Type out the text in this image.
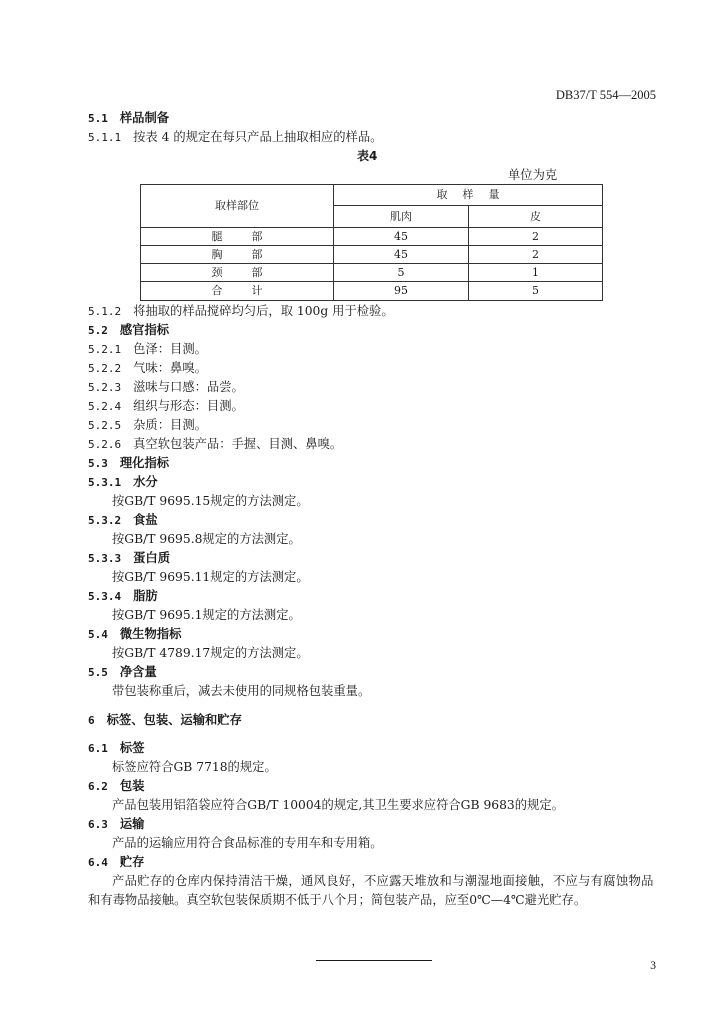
DB37/T 554—2005
5.1 样品制备
5.1.1 按表 4 的规定在每只产品上抽取相应的样品。
表4
单位为克
取样部位	取　样　量	
	肌肉	皮
腿　部	45	2
胸　部	45	2
颈　部	5	1
合　计	95	5
5.1.2 将抽取的样品搅碎均匀后，取 100g 用于检验。
5.2 感官指标
5.2.1 色泽：目测。
5.2.2 气味：鼻嗅。
5.2.3 滋味与口感：品尝。
5.2.4 组织与形态：目测。
5.2.5 杂质：目测。
5.2.6 真空软包装产品：手握、目测、鼻嗅。
5.3 理化指标
5.3.1 水分
按GB/T 9695.15规定的方法测定。
5.3.2 食盐
按GB/T 9695.8规定的方法测定。
5.3.3 蛋白质
按GB/T 9695.11规定的方法测定。
5.3.4 脂肪
按GB/T 9695.1规定的方法测定。
5.4 微生物指标
按GB/T 4789.17规定的方法测定。
5.5 净含量
带包装称重后，减去未使用的同规格包装重量。
6 标签、包装、运输和贮存
6.1 标签
标签应符合GB 7718的规定。
6.2 包装
产品包装用铝箔袋应符合GB/T 10004的规定,其卫生要求应符合GB 9683的规定。
6.3 运输
产品的运输应用符合食品标准的专用车和专用箱。
6.4 贮存
产品贮存的仓库内保持清洁干燥，通风良好，不应露天堆放和与潮湿地面接触，不应与有腐蚀物品
和有毒物品接触。真空软包装保质期不低于八个月；简包装产品，应至0℃—4℃避光贮存。
3
